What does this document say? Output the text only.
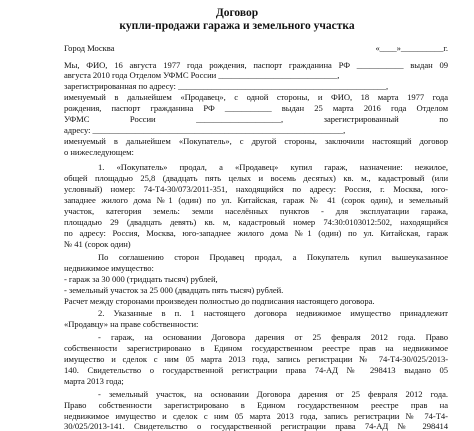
Договор
купли-продажи гаража и земельного участка
Город Москва	«____»__________г.
Мы, ФИО, 16 августа 1977 года рождения, паспорт гражданина РФ ___________ выдан 09
августа 2010 года Отделом УФМС России ____________________________,
зарегистрированная по адресу: _________________________________________________,
именуемый в дальнейшем «Продавец», с одной стороны, и ФИО, 18 марта 1977 года
рождения, паспорт гражданина РФ ___________ выдан 25 марта 2016 года Отделом
УФМС России ____________________, зарегистрированный по
адресу: ___________________________________________________________,
именуемый в дальнейшем «Покупатель», с другой стороны, заключили настоящий договор
о нижеследующем:
1. «Покупатель» продал, а «Продавец» купил гараж, назначение: нежилое,
общей площадью 25,8 (двадцать пять целых и восемь десятых) кв. м., кадастровый (или
условный) номер: 74-Т4-30/073/2011-351, находящийся по адресу: Россия, г. Москва, юго-
западнее жилого дома №1 (один) по ул. Китайская, гараж № 41 (сорок один), и земельный
участок, категория земель: земли населённых пунктов - для эксплуатации гаража,
площадью 29 (двадцать девять) кв. м, кадастровый номер 74:30:0103012:502, находящийся
по адресу: Россия, Москва, юго-западнее жилого дома №1 (один) по ул. Китайская, гараж
№ 41 (сорок один)
По соглашению сторон Продавец продал, а Покупатель купил вышеуказанное
недвижимое имущество:
- гараж за 30 000 (тридцать тысяч) рублей,
- земельный участок за 25 000 (двадцать пять тысяч) рублей.
Расчет между сторонами произведен полностью до подписания настоящего договора.
2. Указанные в п. 1 настоящего договора недвижимое имущество принадлежит
«Продавцу» на праве собственности:
- гараж, на основании Договора дарения от 25 февраля 2012 года. Право
собственности зарегистрировано в Едином государственном реестре прав на недвижимое
имущество и сделок с ним 05 марта 2013 года, запись регистрации № 74-Т4-30/025/2013-
140. Свидетельство о государственной регистрации права 74-АД № 298413 выдано 05
марта 2013 года;
- земельный участок, на основании Договора дарения от 25 февраля 2012 года.
Право собственности зарегистрировано в Едином государственном реестре прав на
недвижимое имущество и сделок с ним 05 марта 2013 года, запись регистрации № 74-Т4-
30/025/2013-141. Свидетельство о государственной регистрации права 74-АД № 298414
